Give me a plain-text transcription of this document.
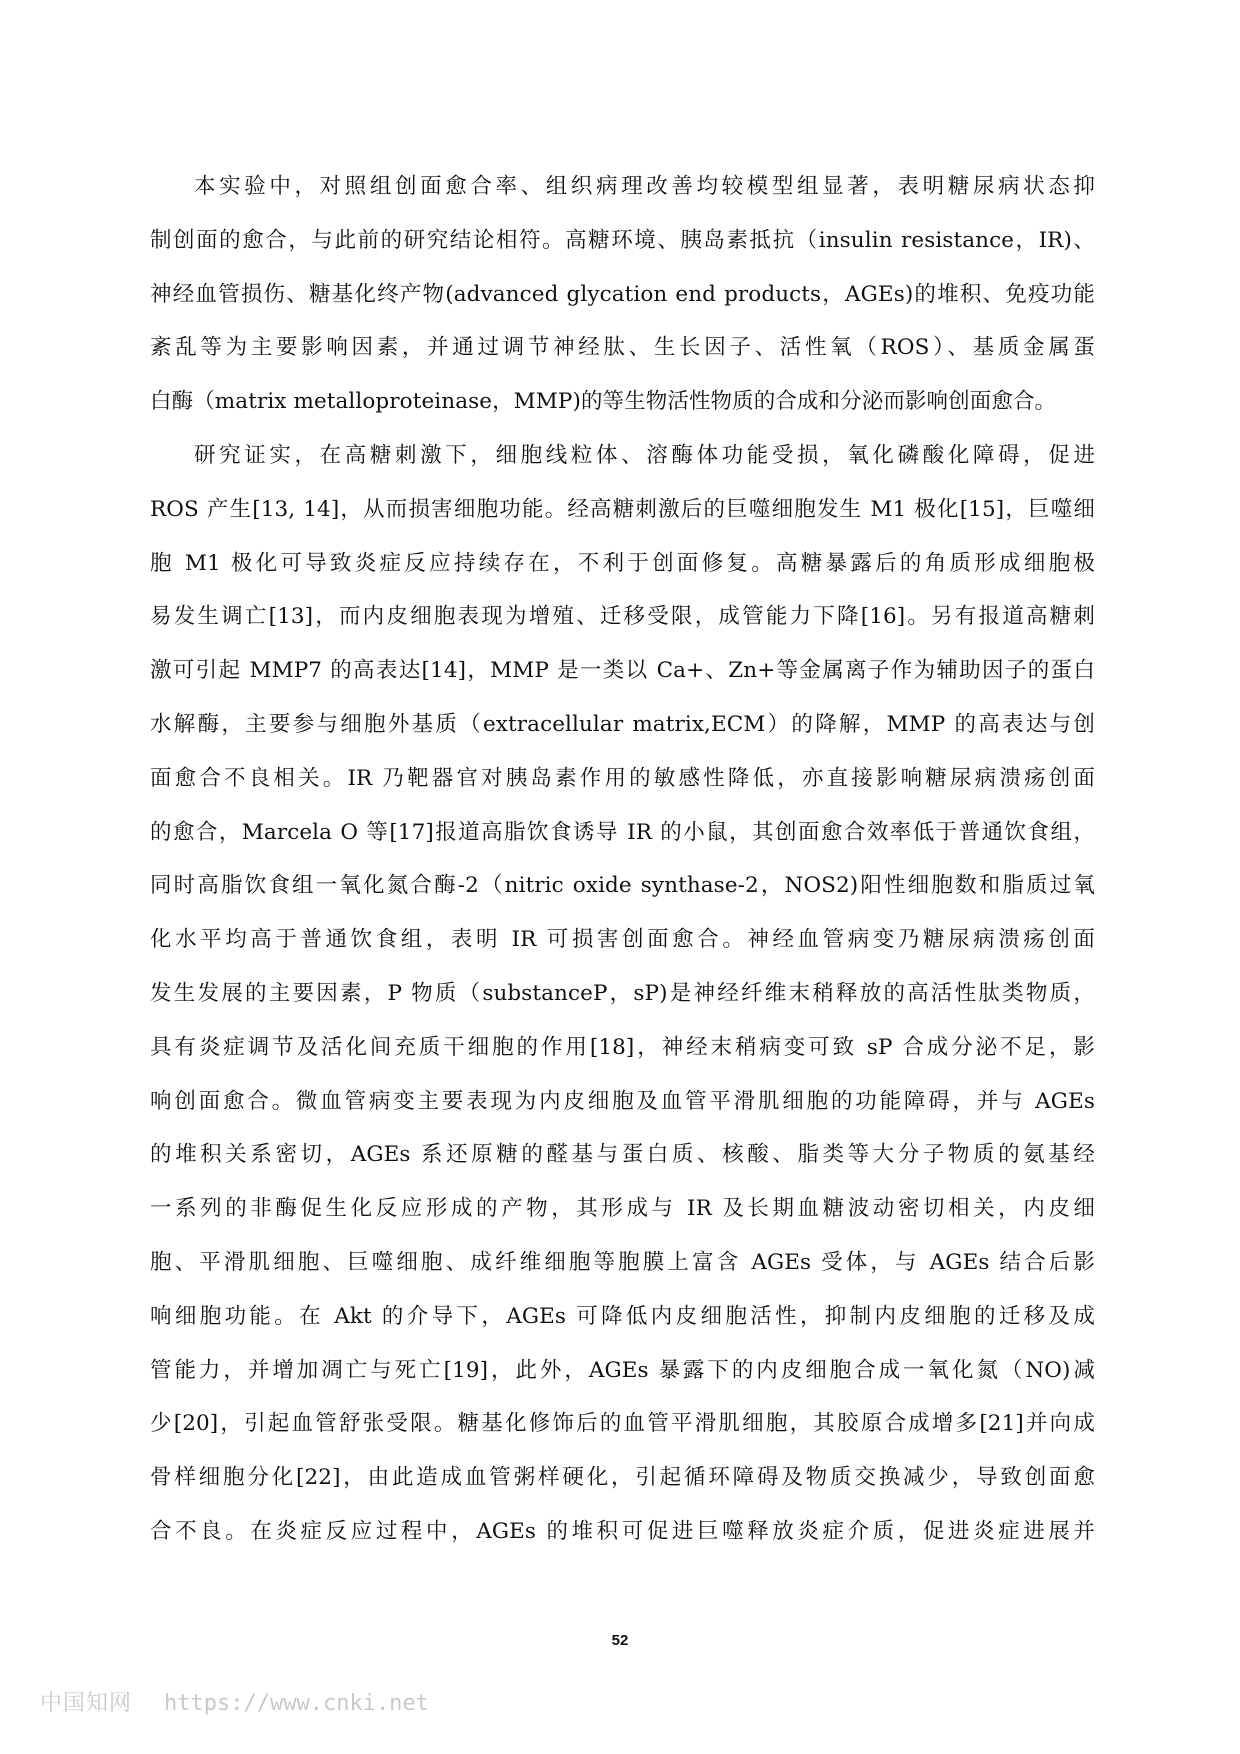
本实验中，对照组创面愈合率、组织病理改善均较模型组显著，表明糖尿病状态抑
制创面的愈合，与此前的研究结论相符。高糖环境、胰岛素抵抗（insulin resistance，IR)、
神经血管损伤、糖基化终产物(advanced glycation end products，AGEs)的堆积、免疫功能
紊乱等为主要影响因素，并通过调节神经肽、生长因子、活性氧（ROS）、基质金属蛋
白酶（matrix metalloproteinase，MMP)的等生物活性物质的合成和分泌而影响创面愈合。
研究证实，在高糖刺激下，细胞线粒体、溶酶体功能受损，氧化磷酸化障碍，促进
ROS 产生[13, 14]，从而损害细胞功能。经高糖刺激后的巨噬细胞发生 M1 极化[15]，巨噬细
胞 M1 极化可导致炎症反应持续存在，不利于创面修复。高糖暴露后的角质形成细胞极
易发生调亡[13]，而内皮细胞表现为增殖、迁移受限，成管能力下降[16]。另有报道高糖刺
激可引起 MMP7 的高表达[14]，MMP 是一类以 Ca+、Zn+等金属离子作为辅助因子的蛋白
水解酶，主要参与细胞外基质（extracellular matrix,ECM）的降解，MMP 的高表达与创
面愈合不良相关。IR 乃靶器官对胰岛素作用的敏感性降低，亦直接影响糖尿病溃疡创面
的愈合，Marcela O 等[17]报道高脂饮食诱导 IR 的小鼠，其创面愈合效率低于普通饮食组，
同时高脂饮食组一氧化氮合酶-2（nitric oxide synthase-2，NOS2)阳性细胞数和脂质过氧
化水平均高于普通饮食组，表明 IR 可损害创面愈合。神经血管病变乃糖尿病溃疡创面
发生发展的主要因素，P 物质（substanceP，sP)是神经纤维末稍释放的高活性肽类物质，
具有炎症调节及活化间充质干细胞的作用[18]，神经末稍病变可致 sP 合成分泌不足，影
响创面愈合。微血管病变主要表现为内皮细胞及血管平滑肌细胞的功能障碍，并与 AGEs
的堆积关系密切，AGEs 系还原糖的醛基与蛋白质、核酸、脂类等大分子物质的氨基经
一系列的非酶促生化反应形成的产物，其形成与 IR 及长期血糖波动密切相关，内皮细
胞、平滑肌细胞、巨噬细胞、成纤维细胞等胞膜上富含 AGEs 受体，与 AGEs 结合后影
响细胞功能。在 Akt 的介导下，AGEs 可降低内皮细胞活性，抑制内皮细胞的迁移及成
管能力，并增加凋亡与死亡[19]，此外，AGEs 暴露下的内皮细胞合成一氧化氮（NO)减
少[20]，引起血管舒张受限。糖基化修饰后的血管平滑肌细胞，其胶原合成增多[21]并向成
骨样细胞分化[22]，由此造成血管粥样硬化，引起循环障碍及物质交换减少，导致创面愈
合不良。在炎症反应过程中，AGEs 的堆积可促进巨噬释放炎症介质，促进炎症进展并
52
中国知网 https://www.cnki.net
